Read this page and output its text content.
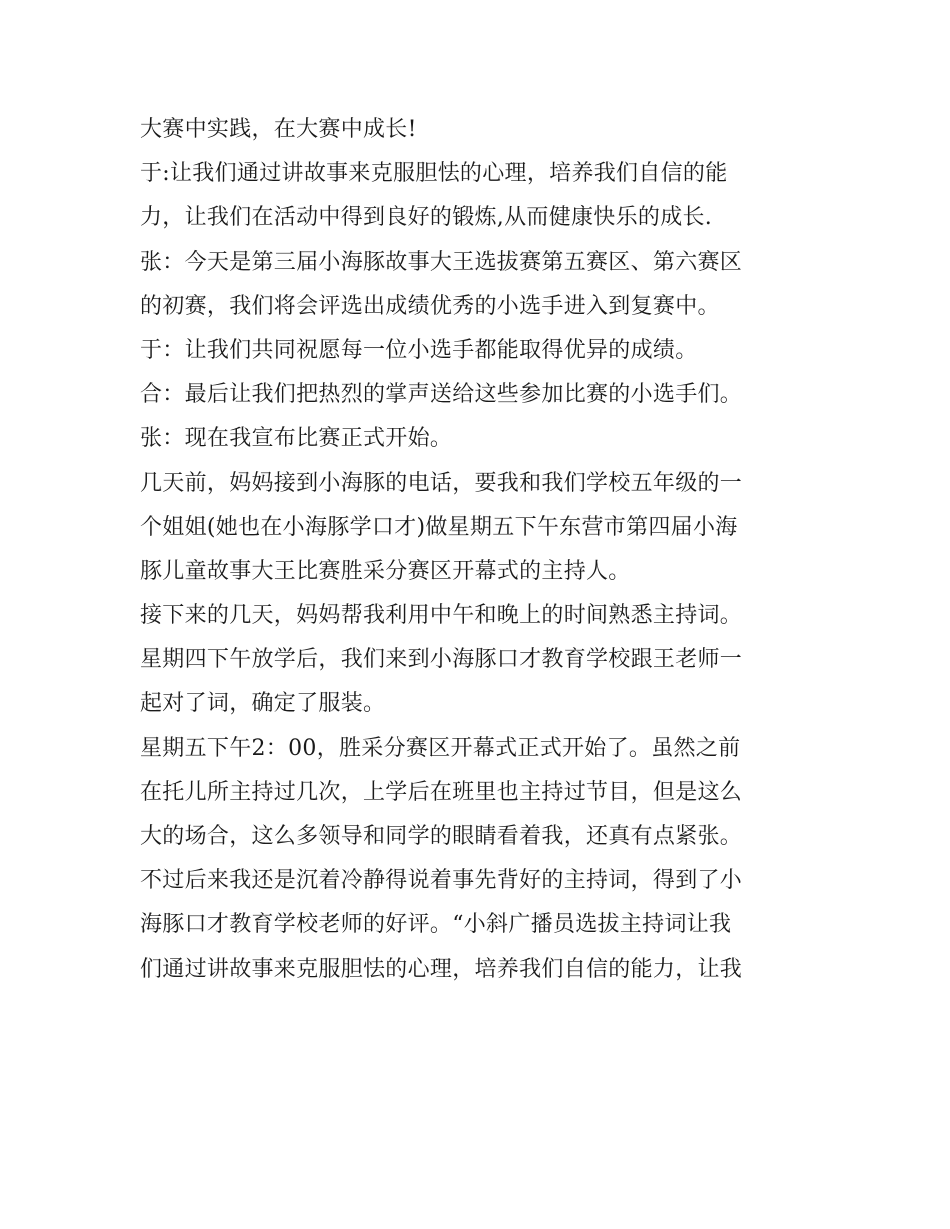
大赛中实践，在大赛中成长!
于:让我们通过讲故事来克服胆怯的心理，培养我们自信的能
力，让我们在活动中得到良好的锻炼,从而健康快乐的成长.
张：今天是第三届小海豚故事大王选拔赛第五赛区、第六赛区
的初赛，我们将会评选出成绩优秀的小选手进入到复赛中。
于：让我们共同祝愿每一位小选手都能取得优异的成绩。
合：最后让我们把热烈的掌声送给这些参加比赛的小选手们。
张：现在我宣布比赛正式开始。
几天前，妈妈接到小海豚的电话，要我和我们学校五年级的一
个姐姐(她也在小海豚学口才)做星期五下午东营市第四届小海
豚儿童故事大王比赛胜采分赛区开幕式的主持人。
接下来的几天，妈妈帮我利用中午和晚上的时间熟悉主持词。
星期四下午放学后，我们来到小海豚口才教育学校跟王老师一
起对了词，确定了服装。
星期五下午2：00，胜采分赛区开幕式正式开始了。虽然之前
在托儿所主持过几次，上学后在班里也主持过节目，但是这么
大的场合，这么多领导和同学的眼睛看着我，还真有点紧张。
不过后来我还是沉着冷静得说着事先背好的主持词，得到了小
海豚口才教育学校老师的好评。“小斜广播员选拔主持词让我
们通过讲故事来克服胆怯的心理，培养我们自信的能力，让我
